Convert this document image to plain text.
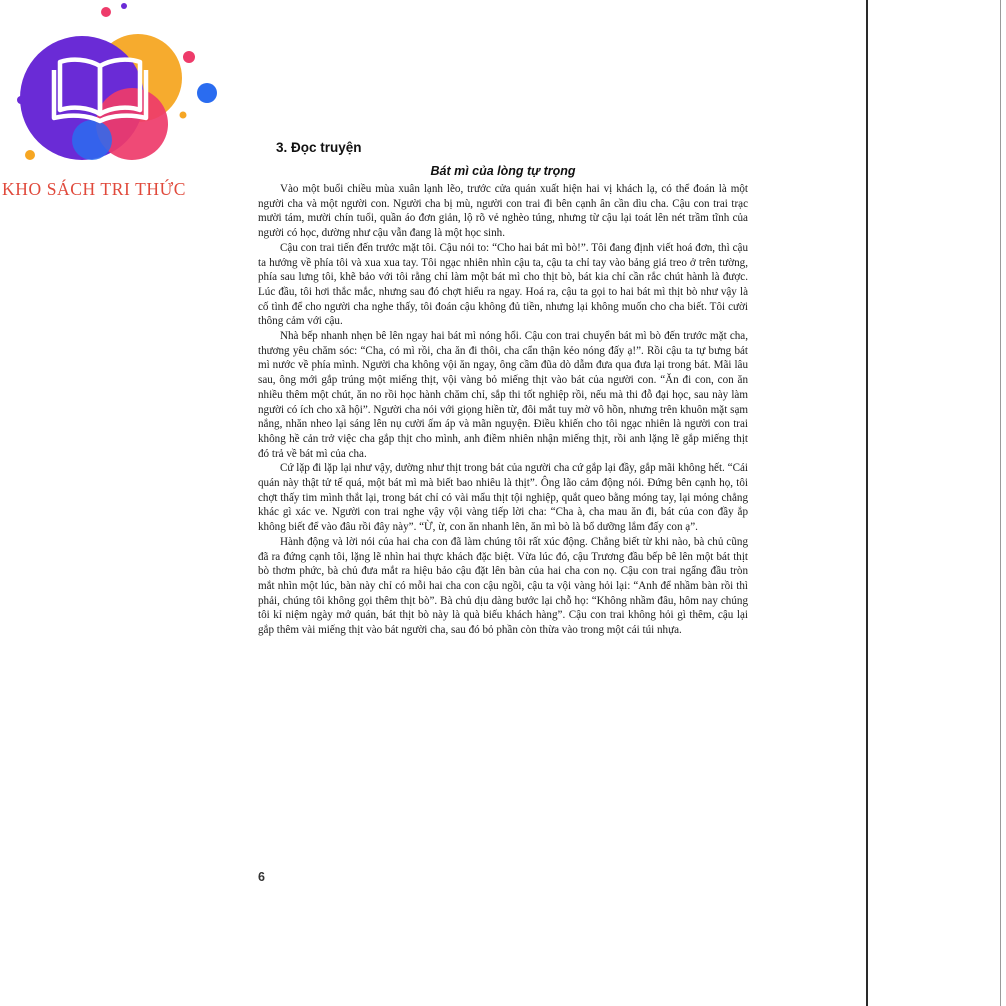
KHO SÁCH TRI THỨC
3. Đọc truyện
Bát mì của lòng tự trọng

Vào một buổi chiều mùa xuân lạnh lẽo, trước cửa quán xuất hiện hai vị khách lạ, có thể đoán là một người cha và một người con. Người cha bị mù, người con trai đi bên cạnh ân cần dìu cha. Cậu con trai trạc mười tám, mười chín tuổi, quần áo đơn giản, lộ rõ vẻ nghèo túng, nhưng từ cậu lại toát lên nét trầm tĩnh của người có học, dường như cậu vẫn đang là một học sinh.

Cậu con trai tiến đến trước mặt tôi. Cậu nói to: “Cho hai bát mì bò!”. Tôi đang định viết hoá đơn, thì cậu ta hướng về phía tôi và xua xua tay. Tôi ngạc nhiên nhìn cậu ta, cậu ta chỉ tay vào bảng giá treo ở trên tường, phía sau lưng tôi, khẽ bảo với tôi rằng chỉ làm một bát mì cho thịt bò, bát kia chỉ cần rắc chút hành là được. Lúc đầu, tôi hơi thắc mắc, nhưng sau đó chợt hiểu ra ngay. Hoá ra, cậu ta gọi to hai bát mì thịt bò như vậy là cố tình để cho người cha nghe thấy, tôi đoán cậu không đủ tiền, nhưng lại không muốn cho cha biết. Tôi cười thông cảm với cậu.

Nhà bếp nhanh nhẹn bê lên ngay hai bát mì nóng hổi. Cậu con trai chuyển bát mì bò đến trước mặt cha, thương yêu chăm sóc: “Cha, có mì rồi, cha ăn đi thôi, cha cẩn thận kẻo nóng đấy ạ!”. Rồi cậu ta tự bưng bát mì nước về phía mình. Người cha không vội ăn ngay, ông cầm đũa dò dẫm đưa qua đưa lại trong bát. Mãi lâu sau, ông mới gắp trúng một miếng thịt, vội vàng bỏ miếng thịt vào bát của người con. “Ăn đi con, con ăn nhiều thêm một chút, ăn no rồi học hành chăm chỉ, sắp thi tốt nghiệp rồi, nếu mà thi đỗ đại học, sau này làm người có ích cho xã hội”. Người cha nói với giọng hiền từ, đôi mắt tuy mờ vô hồn, nhưng trên khuôn mặt sạm nắng, nhăn nheo lại sáng lên nụ cười ấm áp và mãn nguyện. Điều khiến cho tôi ngạc nhiên là người con trai không hề cản trở việc cha gắp thịt cho mình, anh điềm nhiên nhận miếng thịt, rồi anh lặng lẽ gắp miếng thịt đó trả về bát mì của cha.

Cứ lặp đi lặp lại như vậy, dường như thịt trong bát của người cha cứ gắp lại đầy, gắp mãi không hết. “Cái quán này thật tử tế quá, một bát mì mà biết bao nhiêu là thịt”. Ông lão cảm động nói. Đứng bên cạnh họ, tôi chợt thấy tim mình thắt lại, trong bát chỉ có vài mẩu thịt tội nghiệp, quắt queo bằng móng tay, lại mỏng chẳng khác gì xác ve. Người con trai nghe vậy vội vàng tiếp lời cha: “Cha à, cha mau ăn đi, bát của con đầy ắp không biết để vào đâu rồi đây này”. “Ừ, ừ, con ăn nhanh lên, ăn mì bò là bổ dưỡng lắm đấy con ạ”.

Hành động và lời nói của hai cha con đã làm chúng tôi rất xúc động. Chẳng biết từ khi nào, bà chủ cũng đã ra đứng cạnh tôi, lặng lẽ nhìn hai thực khách đặc biệt. Vừa lúc đó, cậu Trương đầu bếp bê lên một bát thịt bò thơm phức, bà chủ đưa mắt ra hiệu bảo cậu đặt lên bàn của hai cha con nọ. Cậu con trai ngẩng đầu tròn mắt nhìn một lúc, bàn này chỉ có mỗi hai cha con cậu ngồi, cậu ta vội vàng hỏi lại: “Anh để nhầm bàn rồi thì phải, chúng tôi không gọi thêm thịt bò”. Bà chủ dịu dàng bước lại chỗ họ: “Không nhầm đâu, hôm nay chúng tôi kỉ niệm ngày mở quán, bát thịt bò này là quà biếu khách hàng”. Cậu con trai không hỏi gì thêm, cậu lại gắp thêm vài miếng thịt vào bát người cha, sau đó bỏ phần còn thừa vào trong một cái túi nhựa.

6
